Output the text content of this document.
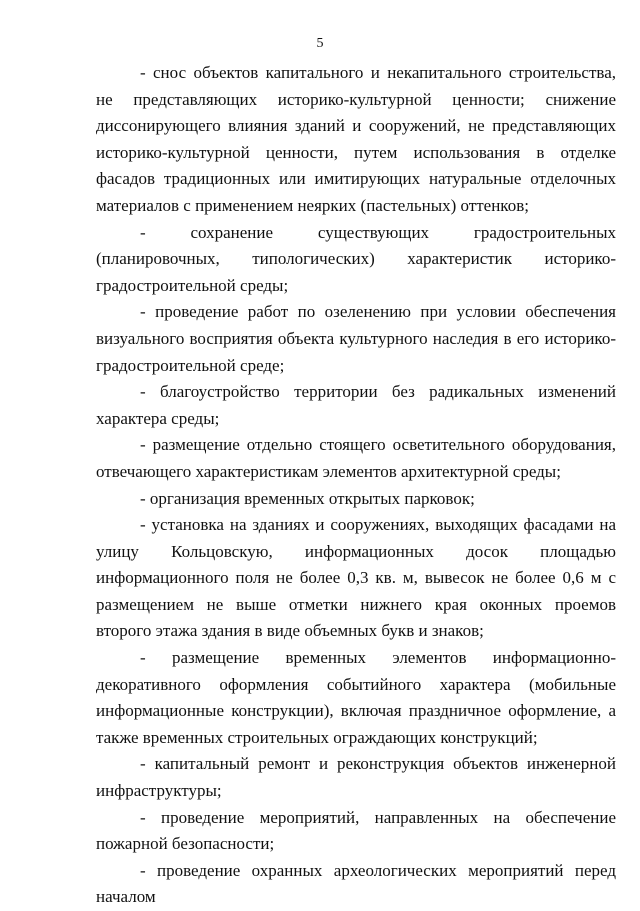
5

- снос объектов капитального и некапитального строительства, не представляющих историко-культурной ценности; снижение диссонирующего влияния зданий и сооружений, не представляющих историко-культурной ценности, путем использования в отделке фасадов традиционных или имитирующих натуральные отделочных материалов с применением неярких (пастельных) оттенков;

- сохранение существующих градостроительных (планировочных, типологических) характеристик историко-градостроительной среды;

- проведение работ по озеленению при условии обеспечения визуального восприятия объекта культурного наследия в его историко-градостроительной среде;

- благоустройство территории без радикальных изменений характера среды;

- размещение отдельно стоящего осветительного оборудования, отвечающего характеристикам элементов архитектурной среды;

- организация временных открытых парковок;

- установка на зданиях и сооружениях, выходящих фасадами на улицу Кольцовскую, информационных досок площадью информационного поля не более 0,3 кв. м, вывесок не более 0,6 м с размещением не выше отметки нижнего края оконных проемов второго этажа здания в виде объемных букв и знаков;

- размещение временных элементов информационно-декоративного оформления событийного характера (мобильные информационные конструкции), включая праздничное оформление, а также временных строительных ограждающих конструкций;

- капитальный ремонт и реконструкция объектов инженерной инфраструктуры;

- проведение мероприятий, направленных на обеспечение пожарной безопасности;

- проведение охранных археологических мероприятий перед началом
